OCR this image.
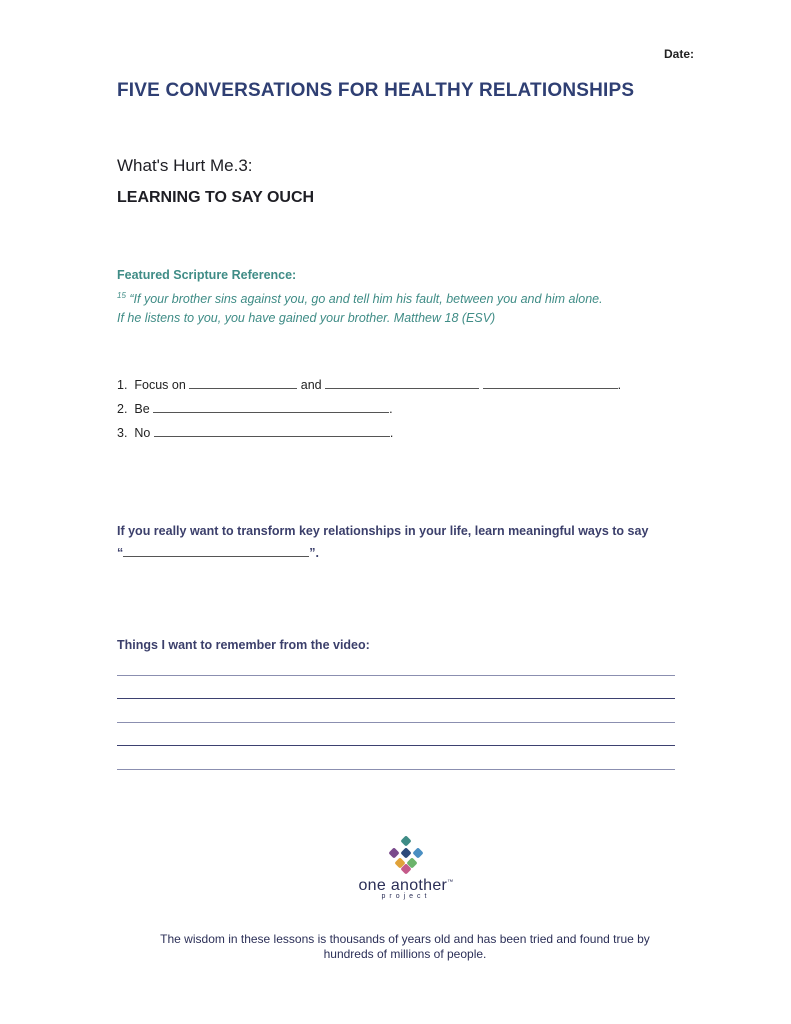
Date:
FIVE CONVERSATIONS FOR HEALTHY RELATIONSHIPS
What's Hurt Me.3:
LEARNING TO SAY OUCH
Featured Scripture Reference:
$^{15}$ “If your brother sins against you, go and tell him his fault, between you and him alone.
If he listens to you, you have gained your brother. Matthew 18 (ESV)
1. Focus on	and	.
2. Be	.
3. No	.
If you really want to transform key relationships in your life, learn meaningful ways to say
“	”.
Things I want to remember from the video:
one another™
project
The wisdom in these lessons is thousands of years old and has been tried and found true by
hundreds of millions of people.
